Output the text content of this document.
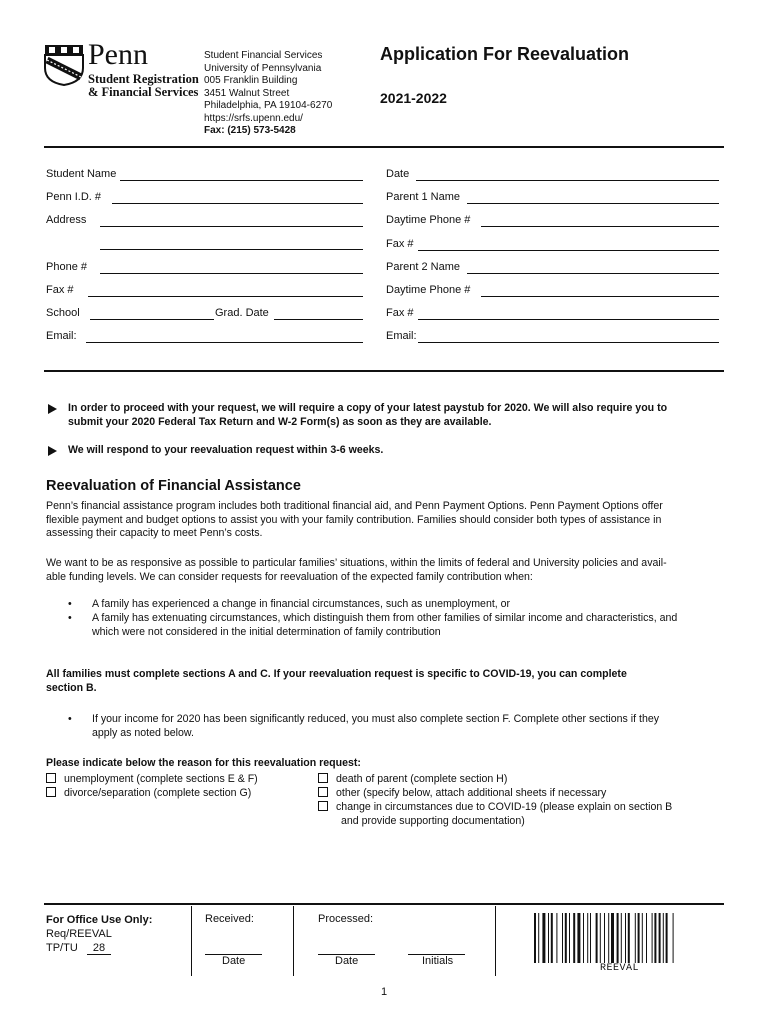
Penn
Student Registration
& Financial Services
Student Financial Services
University of Pennsylvania
005 Franklin Building
3451 Walnut Street
Philadelphia, PA 19104-6270
https://srfs.upenn.edu/
Fax: (215) 573-5428
Application For Reevaluation
2021-2022
Student Name
Penn I.D. #
Address
Phone #
Fax #
School	Grad. Date
Email:
Date
Parent 1 Name
Daytime Phone #
Fax #
Parent 2 Name
Daytime Phone #
Fax #
Email:
In order to proceed with your request, we will require a copy of your latest paystub for 2020. We will also require you to
submit your 2020 Federal Tax Return and W-2 Form(s) as soon as they are available.
We will respond to your reevaluation request within 3-6 weeks.
Reevaluation of Financial Assistance
Penn’s financial assistance program includes both traditional financial aid, and Penn Payment Options. Penn Payment Options offer
flexible payment and budget options to assist you with your family contribution. Families should consider both types of assistance in
assessing their capacity to meet Penn’s costs.
We want to be as responsive as possible to particular families’ situations, within the limits of federal and University policies and avail-
able funding levels. We can consider requests for reevaluation of the expected family contribution when:
• A family has experienced a change in financial circumstances, such as unemployment, or
• A family has extenuating circumstances, which distinguish them from other families of similar income and characteristics, and
which were not considered in the initial determination of family contribution
All families must complete sections A and C. If your reevaluation request is specific to COVID-19, you can complete
section B.
• If your income for 2020 has been significantly reduced, you must also complete section F. Complete other sections if they
apply as noted below.
Please indicate below the reason for this reevaluation request:
unemployment (complete sections E & F)
divorce/separation (complete section G)
death of parent (complete section H)
other (specify below, attach additional sheets if necessary
change in circumstances due to COVID-19 (please explain on section B
and provide supporting documentation)
For Office Use Only:
Req/REEVAL
TP/TU 28
Received:
Date
Processed:
Date	Initials
REEVAL
1
